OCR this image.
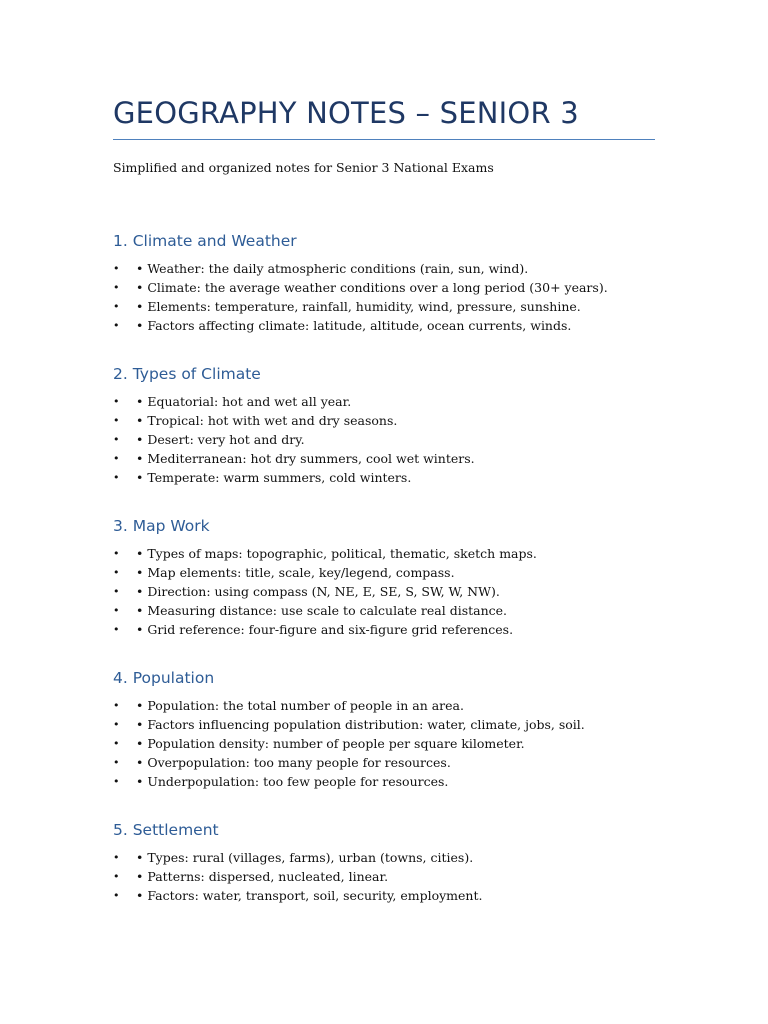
GEOGRAPHY NOTES – SENIOR 3
Simplified and organized notes for Senior 3 National Exams
1. Climate and Weather
• • Weather: the daily atmospheric conditions (rain, sun, wind).
• • Climate: the average weather conditions over a long period (30+ years).
• • Elements: temperature, rainfall, humidity, wind, pressure, sunshine.
• • Factors affecting climate: latitude, altitude, ocean currents, winds.
2. Types of Climate
• • Equatorial: hot and wet all year.
• • Tropical: hot with wet and dry seasons.
• • Desert: very hot and dry.
• • Mediterranean: hot dry summers, cool wet winters.
• • Temperate: warm summers, cold winters.
3. Map Work
• • Types of maps: topographic, political, thematic, sketch maps.
• • Map elements: title, scale, key/legend, compass.
• • Direction: using compass (N, NE, E, SE, S, SW, W, NW).
• • Measuring distance: use scale to calculate real distance.
• • Grid reference: four-figure and six-figure grid references.
4. Population
• • Population: the total number of people in an area.
• • Factors influencing population distribution: water, climate, jobs, soil.
• • Population density: number of people per square kilometer.
• • Overpopulation: too many people for resources.
• • Underpopulation: too few people for resources.
5. Settlement
• • Types: rural (villages, farms), urban (towns, cities).
• • Patterns: dispersed, nucleated, linear.
• • Factors: water, transport, soil, security, employment.
